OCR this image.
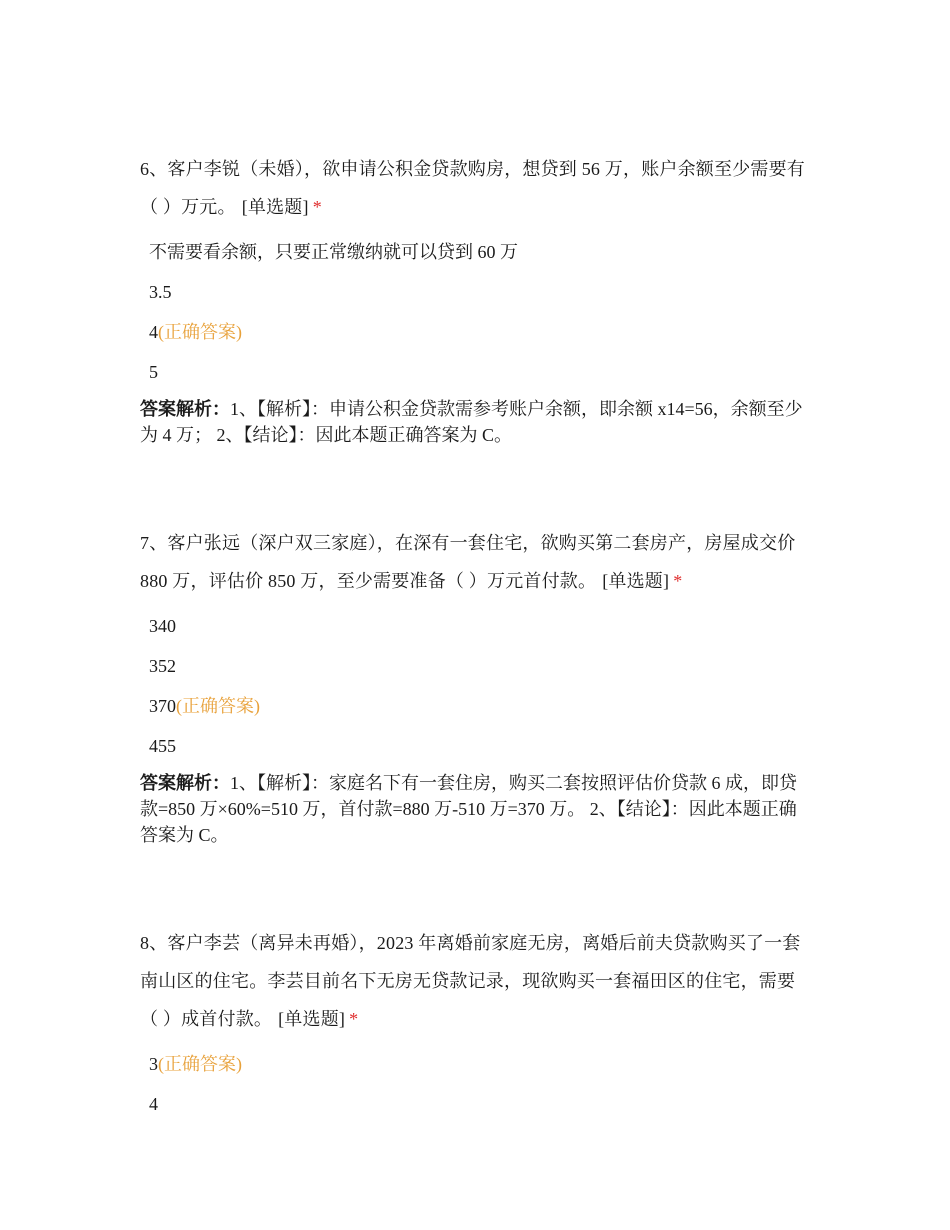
6、客户李锐（未婚），欲申请公积金贷款购房，想贷到 56 万，账户余额至少需要有（ ）万元。 [单选题] *

不需要看余额，只要正常缴纳就可以贷到 60 万
3.5
4(正确答案)
5

答案解析：1、【解析】：申请公积金贷款需参考账户余额，即余额 x14=56，余额至少为 4 万； 2、【结论】：因此本题正确答案为 C。

7、客户张远（深户双三家庭），在深有一套住宅，欲购买第二套房产，房屋成交价 880 万，评估价 850 万，至少需要准备（ ）万元首付款。 [单选题] *

340
352
370(正确答案)
455

答案解析：1、【解析】：家庭名下有一套住房，购买二套按照评估价贷款 6 成，即贷款=850 万×60%=510 万，首付款=880 万-510 万=370 万。 2、【结论】：因此本题正确答案为 C。

8、客户李芸（离异未再婚），2023 年离婚前家庭无房，离婚后前夫贷款购买了一套南山区的住宅。李芸目前名下无房无贷款记录，现欲购买一套福田区的住宅，需要（ ）成首付款。 [单选题] *

3(正确答案)
4
